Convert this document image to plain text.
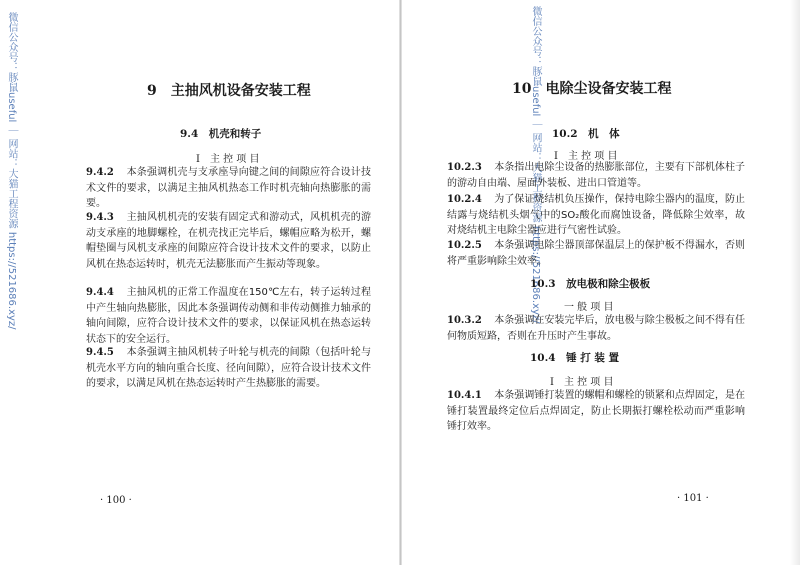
微信公众号：豚鼠useful ｜ 网站：大猫工程资源 https://521686.xyz/	9　主抽风机设备安装工程
9.4　机壳和转子
Ⅰ　主 控 项 目
9.4.2 本条强调机壳与支承座导向键之间的间隙应符合设计技术文件的要求，以满足主抽风机热态工作时机壳轴向热膨胀的需要。
9.4.3 主抽风机机壳的安装有固定式和游动式，风机机壳的游动支承座的地脚螺栓，在机壳找正完毕后，螺帽应略为松开，螺帽垫圈与风机支承座的间隙应符合设计技术文件的要求，以防止风机在热态运转时，机壳无法膨胀而产生振动等现象。
9.4.4 主抽风机的正常工作温度在150℃左右，转子运转过程中产生轴向热膨胀，因此本条强调传动侧和非传动侧推力轴承的轴向间隙，应符合设计技术文件的要求，以保证风机在热态运转状态下的安全运行。
9.4.5 本条强调主抽风机转子叶轮与机壳的间隙（包括叶轮与机壳水平方向的轴向重合长度、径向间隙），应符合设计技术文件的要求，以满足风机在热态运转时产生热膨胀的需要。
· 100 ·
微信公众号：豚鼠useful ｜ 网站：大猫工程资源 https://521686.xyz/
10　电除尘设备安装工程
10.2　机　体
Ⅰ　主 控 项 目
10.2.3 本条指出电除尘设备的热膨胀部位，主要有下部机体柱子的游动自由端、屋面外装板、进出口管道等。
10.2.4 为了保证烧结机负压操作，保持电除尘器内的温度，防止结露与烧结机头烟气中的SO₂酸化而腐蚀设备，降低除尘效率，故对烧结机主电除尘器应进行气密性试验。
10.2.5 本条强调电除尘器顶部保温层上的保护板不得漏水，否则将严重影响除尘效率。
10.3　放电极和除尘极板
一 般 项 目
10.3.2 本条强调在安装完毕后，放电极与除尘极板之间不得有任何物质短路，否则在升压时产生事故。
10.4　锤 打 装 置
Ⅰ　主 控 项 目
10.4.1 本条强调锤打装置的螺帽和螺栓的锁紧和点焊固定，是在锤打装置最终定位后点焊固定，防止长期振打螺栓松动而严重影响锤打效率。
· 101 ·
